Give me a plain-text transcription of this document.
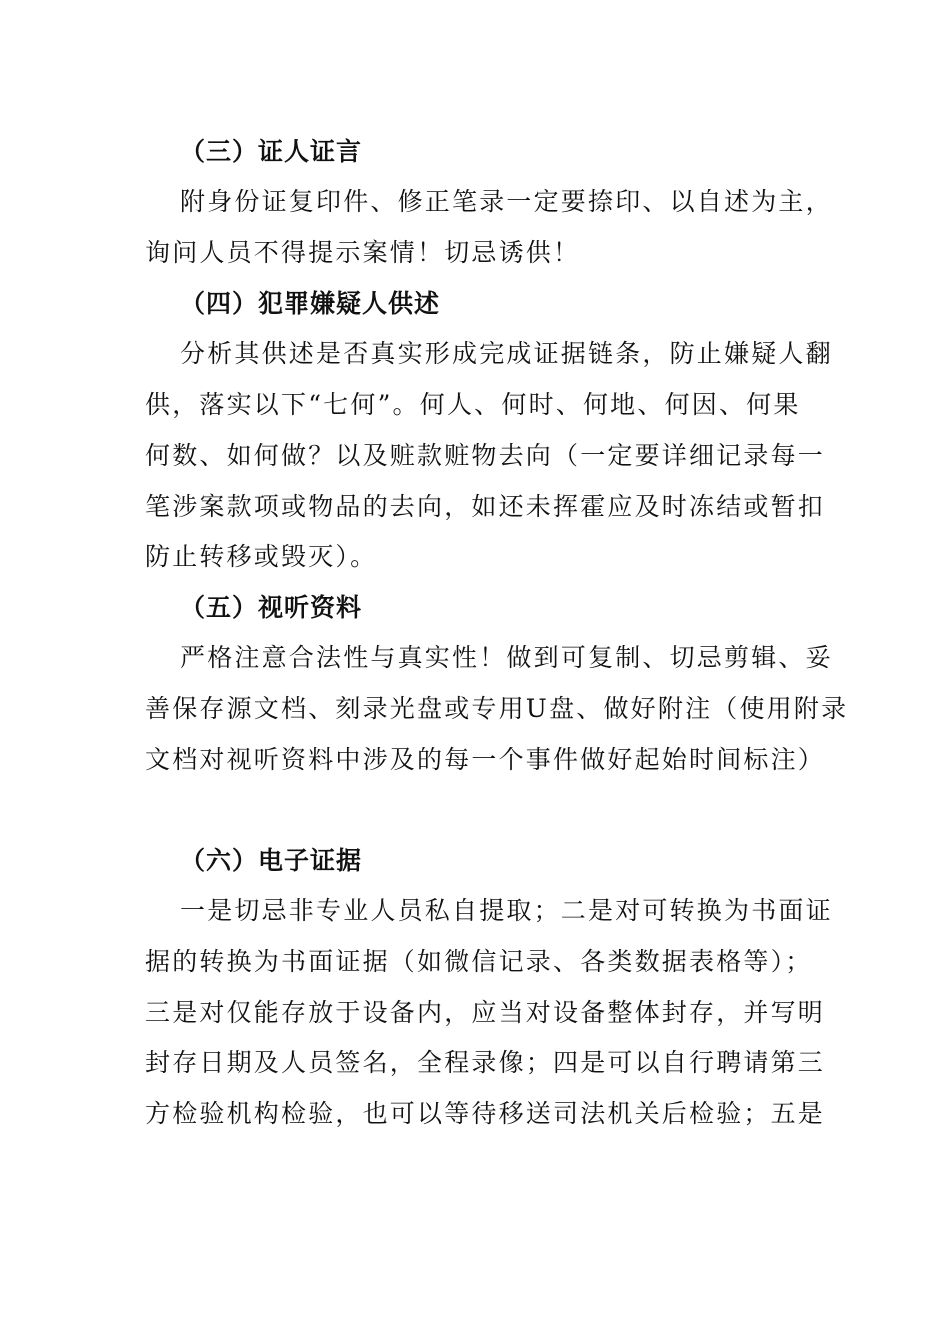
（三）证人证言
附身份证复印件、修正笔录一定要捺印、以自述为主，
询问人员不得提示案情！切忌诱供！
（四）犯罪嫌疑人供述
分析其供述是否真实形成完成证据链条，防止嫌疑人翻
供，落实以下“七何”。何人、何时、何地、何因、何果
何数、如何做？以及赃款赃物去向（一定要详细记录每一
笔涉案款项或物品的去向，如还未挥霍应及时冻结或暂扣
防止转移或毁灭）。
（五）视听资料
严格注意合法性与真实性！做到可复制、切忌剪辑、妥
善保存源文档、刻录光盘或专用U盘、做好附注（使用附录
文档对视听资料中涉及的每一个事件做好起始时间标注）
（六）电子证据
一是切忌非专业人员私自提取；二是对可转换为书面证
据的转换为书面证据（如微信记录、各类数据表格等）；
三是对仅能存放于设备内，应当对设备整体封存，并写明
封存日期及人员签名，全程录像；四是可以自行聘请第三
方检验机构检验，也可以等待移送司法机关后检验；五是
